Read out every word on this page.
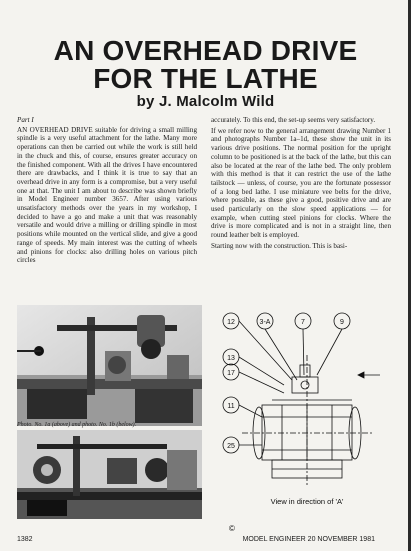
AN OVERHEAD DRIVE
FOR THE LATHE
by J. Malcolm Wild

Part I

AN OVERHEAD DRIVE suitable for driving a small milling spindle is a very useful attachment for the lathe. Many more operations can then be carried out while the work is still held in the chuck and this, of course, ensures greater accuracy on the finished component. With all the drives I have encountered there are drawbacks, and I think it is true to say that an overhead drive in any form is a compromise, but a very useful one at that. The unit I am about to describe was shown briefly in Model Engineer number 3657. After using various unsatisfactory methods over the years in my workshop, I decided to have a go and make a unit that was reasonably versatile and would drive a milling or drilling spindle in most positions while mounted on the vertical slide, and give a good range of speeds. My main interest was the cutting of wheels and pinions for clocks: also drilling holes on various pitch circles

accurately. To this end, the set-up seems very satisfactory.

If we refer now to the general arrangement drawing Number 1 and photographs Number 1a–1d, these show the unit in its various drive positions. The normal position for the upright column to be positioned is at the back of the lathe, but this can also be located at the rear of the lathe bed. The only problem with this method is that it can restrict the use of the lathe tailstock — unless, of course, you are the fortunate possessor of a long bed lathe. I use miniature vee belts for the drive, where possible, as these give a good, positive drive and are used particularly on the slow speed applications — for example, when cutting steel pinions for clocks. Where the drive is more complicated and is not in a straight line, then round leather belt is employed.

Starting now with the construction. This is basi-

Photo. No. 1a (above) and photo. No. 1b (below).
12	3-A	7	9
13
17
11
25
View in direction of 'A'
©
1382	MODEL ENGINEER 20 NOVEMBER 1981
